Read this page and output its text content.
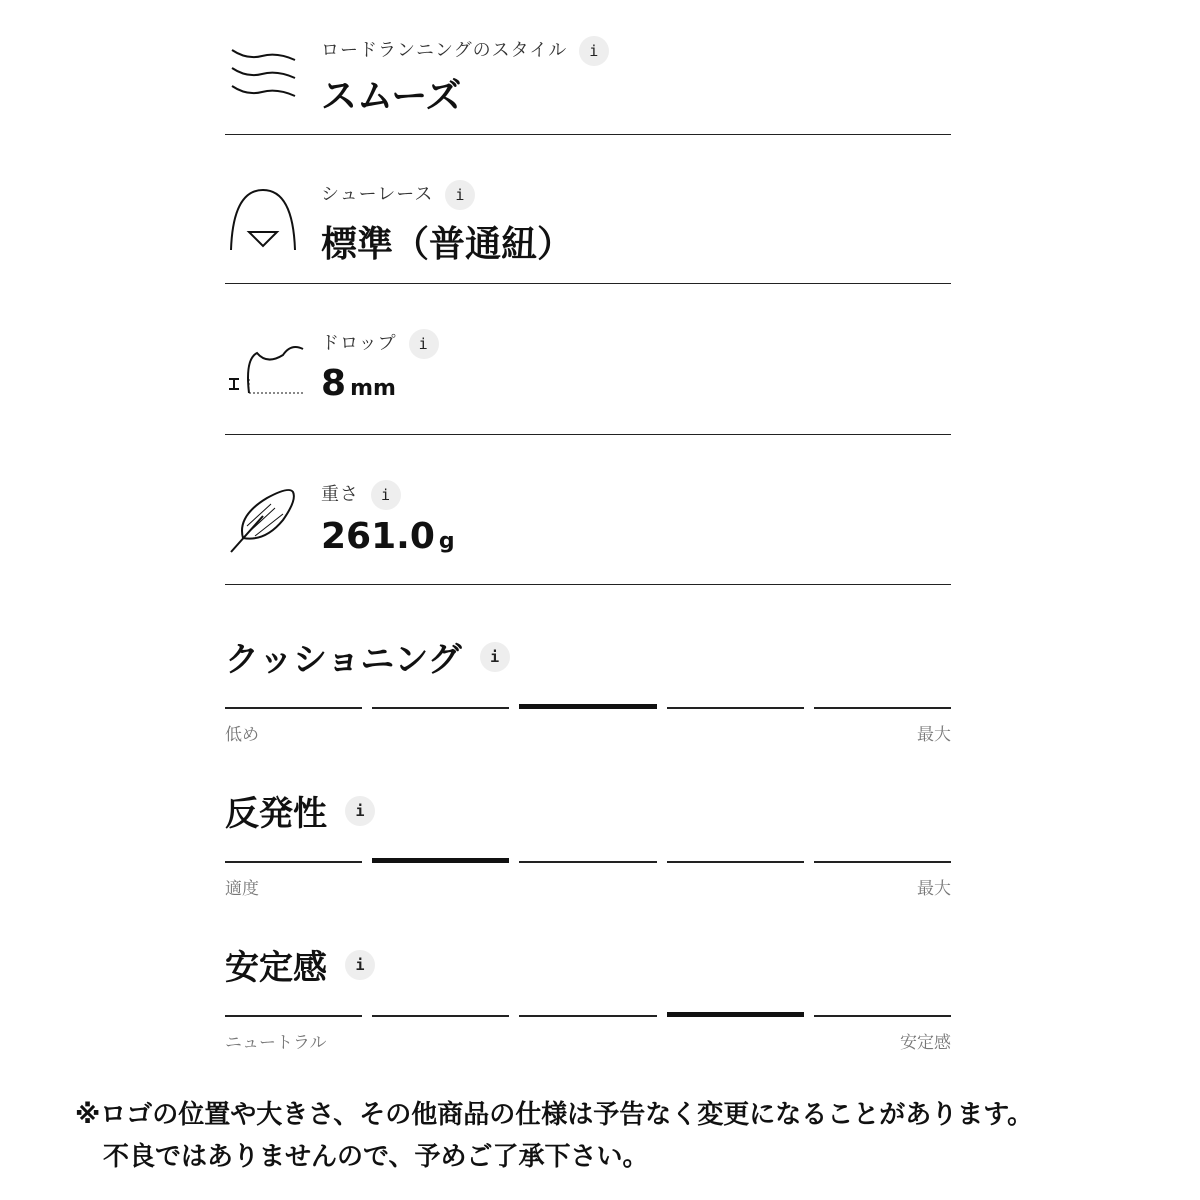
ロードランニングのスタイル i
スムーズ
シューレース i
標準（普通紐）
ドロップ i
8 mm
重さ i
261.0 g
クッショニング	i
低め	最大
反発性	i
適度	最大
安定感	i
ニュートラル	安定感
※ロゴの位置や大きさ、その他商品の仕様は予告なく変更になることがあります。
不良ではありませんので、予めご了承下さい。
